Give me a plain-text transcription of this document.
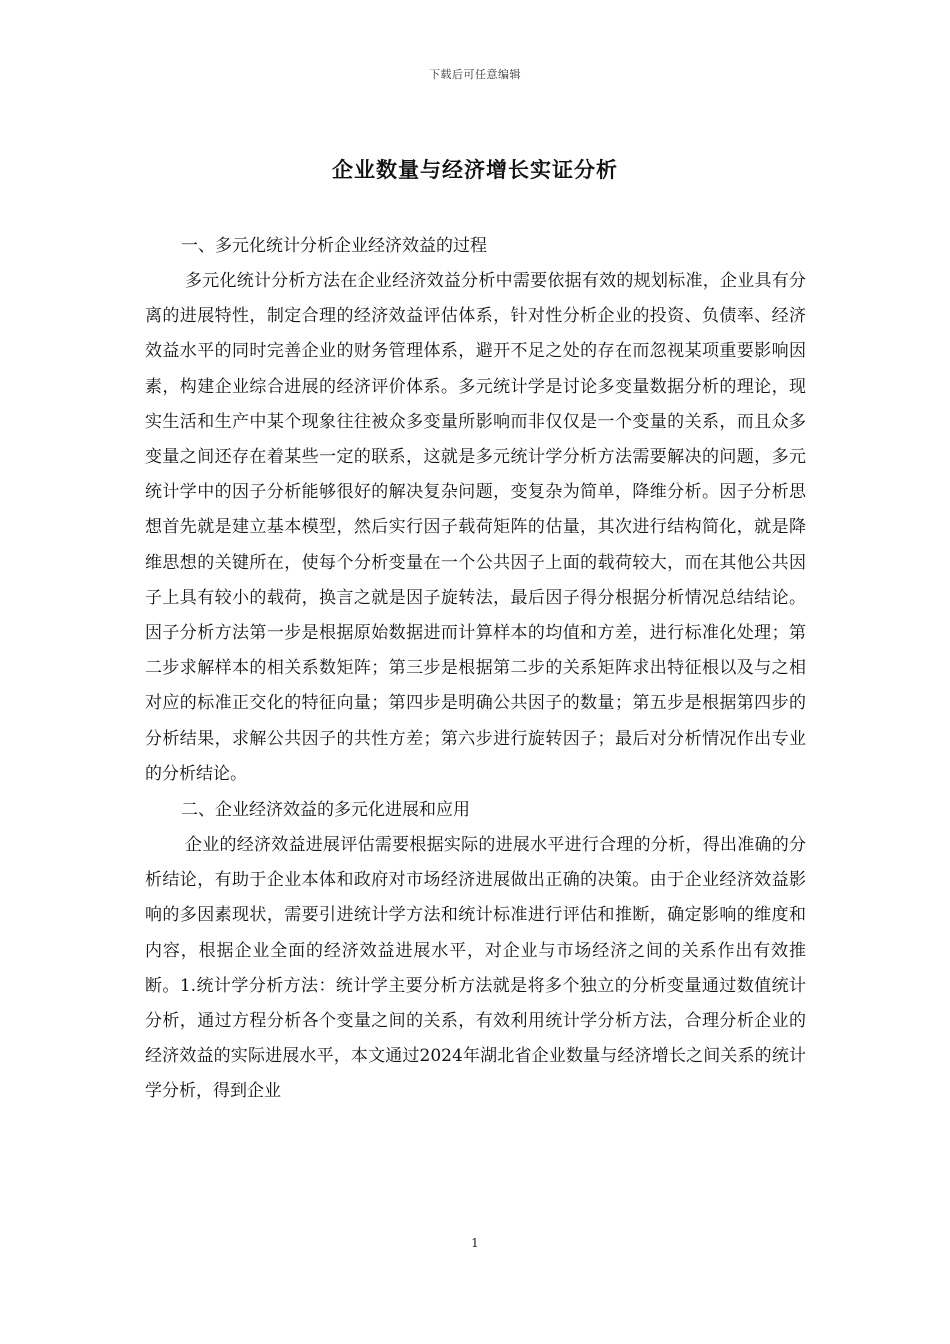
下载后可任意编辑
企业数量与经济增长实证分析
一、多元化统计分析企业经济效益的过程

多元化统计分析方法在企业经济效益分析中需要依据有效的规划标准，企业具有分离的进展特性，制定合理的经济效益评估体系，针对性分析企业的投资、负债率、经济效益水平的同时完善企业的财务管理体系，避开不足之处的存在而忽视某项重要影响因素，构建企业综合进展的经济评价体系。多元统计学是讨论多变量数据分析的理论，现实生活和生产中某个现象往往被众多变量所影响而非仅仅是一个变量的关系，而且众多变量之间还存在着某些一定的联系，这就是多元统计学分析方法需要解决的问题，多元统计学中的因子分析能够很好的解决复杂问题，变复杂为简单，降维分析。因子分析思想首先就是建立基本模型，然后实行因子载荷矩阵的估量，其次进行结构简化，就是降维思想的关键所在，使每个分析变量在一个公共因子上面的载荷较大，而在其他公共因子上具有较小的载荷，换言之就是因子旋转法，最后因子得分根据分析情况总结结论。因子分析方法第一步是根据原始数据进而计算样本的均值和方差，进行标准化处理；第二步求解样本的相关系数矩阵；第三步是根据第二步的关系矩阵求出特征根以及与之相对应的标准正交化的特征向量；第四步是明确公共因子的数量；第五步是根据第四步的分析结果，求解公共因子的共性方差；第六步进行旋转因子；最后对分析情况作出专业的分析结论。

二、企业经济效益的多元化进展和应用

企业的经济效益进展评估需要根据实际的进展水平进行合理的分析，得出准确的分析结论，有助于企业本体和政府对市场经济进展做出正确的决策。由于企业经济效益影响的多因素现状，需要引进统计学方法和统计标准进行评估和推断，确定影响的维度和内容，根据企业全面的经济效益进展水平，对企业与市场经济之间的关系作出有效推断。1.统计学分析方法：统计学主要分析方法就是将多个独立的分析变量通过数值统计分析，通过方程分析各个变量之间的关系，有效利用统计学分析方法，合理分析企业的经济效益的实际进展水平，本文通过2024年湖北省企业数量与经济增长之间关系的统计学分析，得到企业

1
